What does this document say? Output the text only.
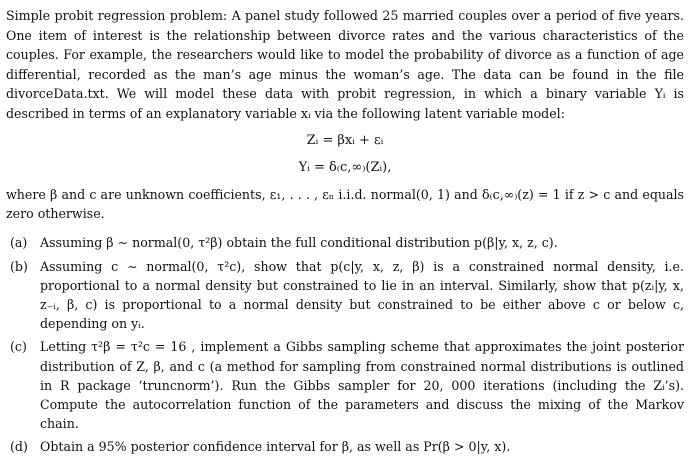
Simple probit regression problem: A panel study followed 25 married couples over a period of five years. One item of interest is the relationship between divorce rates and the various characteristics of the couples. For example, the researchers would like to model the probability of divorce as a function of age differential, recorded as the man’s age minus the woman’s age. The data can be found in the file divorceData.txt. We will model these data with probit regression, in which a binary variable Yᵢ is described in terms of an explanatory variable xᵢ via the following latent variable model:

Zᵢ = βxᵢ + εᵢ
Yᵢ = δ₍c,∞₎(Zᵢ),

where β and c are unknown coefficients, ε₁, . . . , εₙ i.i.d. normal(0, 1) and δ₍c,∞₎(z) = 1 if z > c and equals zero otherwise.

(a)	Assuming β ∼ normal(0, τ²β) obtain the full conditional distribution p(β|y, x, z, c).
(b) Assuming c ∼ normal(0, τ²c), show that p(c|y, x, z, β) is a constrained normal density, i.e. proportional to a normal density but constrained to lie in an interval. Similarly, show that p(zᵢ|y, x, z₋ᵢ, β, c) is proportional to a normal density but constrained to be either above c or below c, depending on yᵢ.
(c)	Letting τ²β = τ²c = 16 , implement a Gibbs sampling scheme that approximates the joint posterior distribution of Z, β, and c (a method for sampling from constrained normal distributions is outlined in R package ‘truncnorm’). Run the Gibbs sampler for 20, 000 iterations (including the Zᵢ’s). Compute the autocorrelation function of the parameters and discuss the mixing of the Markov chain.
(d) Obtain a 95% posterior confidence interval for β, as well as Pr(β > 0|y, x).
